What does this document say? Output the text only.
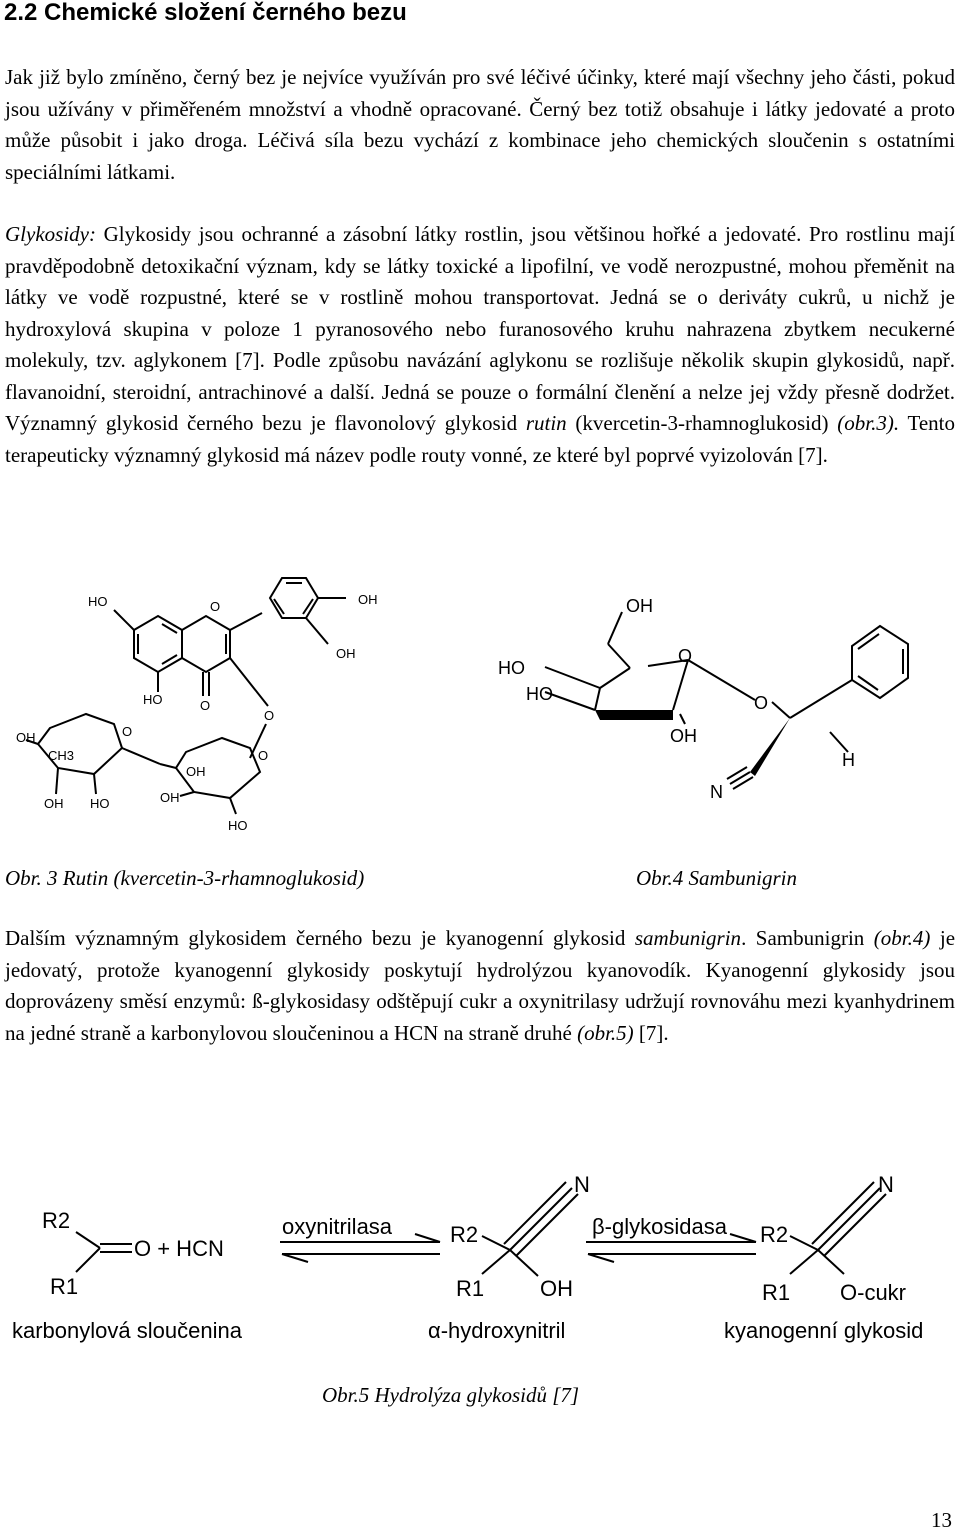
2.2 Chemické složení černého bezu

Jak již bylo zmíněno, černý bez je nejvíce využíván pro své léčivé účinky, které mají všechny jeho části, pokud jsou užívány v přiměřeném množství a vhodně opracované. Černý bez totiž obsahuje i látky jedovaté a proto může působit i jako droga. Léčivá síla bezu vychází z kombinace jeho chemických sloučenin s ostatními speciálními látkami.

Glykosidy: Glykosidy jsou ochranné a zásobní látky rostlin, jsou většinou hořké a jedovaté. Pro rostlinu mají pravděpodobně detoxikační význam, kdy se látky toxické a lipofilní, ve vodě nerozpustné, mohou přeměnit na látky ve vodě rozpustné, které se v rostlině mohou transportovat. Jedná se o deriváty cukrů, u nichž je hydroxylová skupina v poloze 1 pyranosového nebo furanosového kruhu nahrazena zbytkem necukerné molekuly, tzv. aglykonem [7]. Podle způsobu navázání aglykonu se rozlišuje několik skupin glykosidů, např. flavanoidní, steroidní, antrachinové a další. Jedná se pouze o formální členění a nelze jej vždy přesně dodržet. Významný glykosid černého bezu je flavonolový glykosid rutin (kvercetin-3-rhamnoglukosid) (obr.3). Tento terapeuticky významný glykosid má název podle routy vonné, ze které byl poprvé vyizolován [7].

HO	O	OH
OH
HO	O
O
OH
CH3
OH HO
O
OH
OH
HO
O
OH
O
HO
HO	O
OH
H
N
Obr. 3 Rutin (kvercetin-3-rhamnoglukosid)	Obr.4 Sambunigrin

Dalším významným glykosidem černého bezu je kyanogenní glykosid sambunigrin. Sambunigrin (obr.4) je jedovatý, protože kyanogenní glykosidy poskytují hydrolýzou kyanovodík. Kyanogenní glykosidy jsou doprovázeny směsí enzymů: ß-glykosidasy odštěpují cukr a oxynitrilasy udržují rovnováhu mezi kyanhydrinem na jedné straně a karbonylovou sloučeninou a HCN na straně druhé (obr.5) [7].

R2
R1
O + HCN
karbonylová sloučenina
oxynitrilasa	R2
R1
N
OH
α-hydroxynitril
β-glykosidasa R2
R1
N
O-cukr
kyanogenní glykosid
Obr.5 Hydrolýza glykosidů [7]
13
